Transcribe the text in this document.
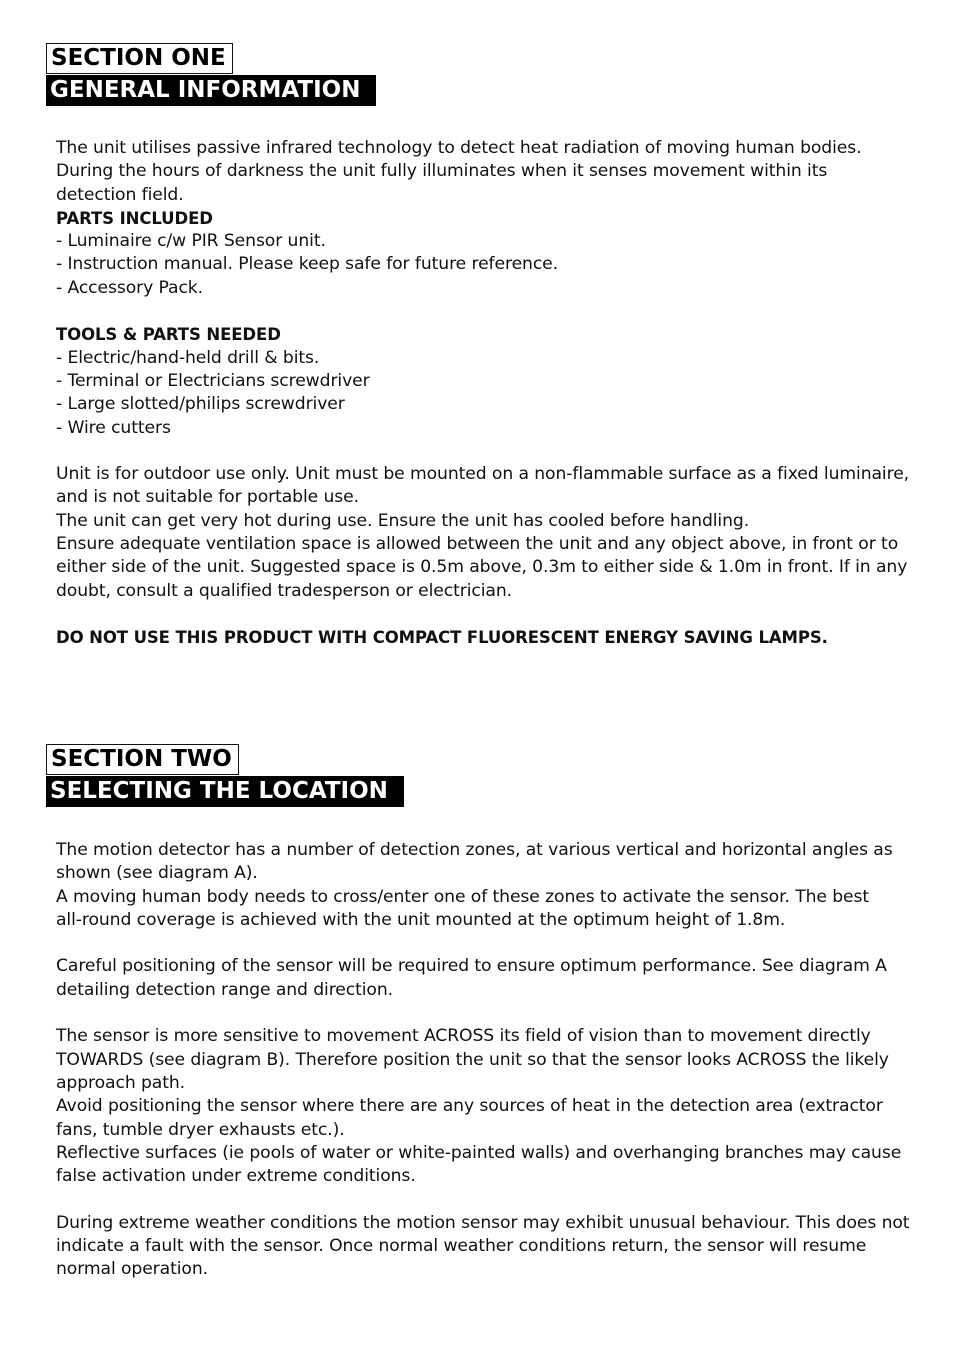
SECTION ONE
GENERAL INFORMATION

The unit utilises passive infrared technology to detect heat radiation of moving human bodies.

During the hours of darkness the unit fully illuminates when it senses movement within its detection field.

PARTS INCLUDED

- Luminaire c/w PIR Sensor unit.

- Instruction manual. Please keep safe for future reference.

- Accessory Pack.

TOOLS & PARTS NEEDED

- Electric/hand-held drill & bits.

- Terminal or Electricians screwdriver

- Large slotted/philips screwdriver

- Wire cutters

Unit is for outdoor use only. Unit must be mounted on a non-flammable surface as a fixed luminaire, and is not suitable for portable use.

The unit can get very hot during use. Ensure the unit has cooled before handling.

Ensure adequate ventilation space is allowed between the unit and any object above, in front or to either side of the unit. Suggested space is 0.5m above, 0.3m to either side & 1.0m in front. If in any doubt, consult a qualified tradesperson or electrician.

DO NOT USE THIS PRODUCT WITH COMPACT FLUORESCENT ENERGY SAVING LAMPS.

SECTION TWO
SELECTING THE LOCATION

The motion detector has a number of detection zones, at various vertical and horizontal angles as shown (see diagram A).

A moving human body needs to cross/enter one of these zones to activate the sensor. The best

all-round coverage is achieved with the unit mounted at the optimum height of 1.8m.

Careful positioning of the sensor will be required to ensure optimum performance. See diagram A detailing detection range and direction.

The sensor is more sensitive to movement ACROSS its field of vision than to movement directly TOWARDS (see diagram B). Therefore position the unit so that the sensor looks ACROSS the likely approach path.

Avoid positioning the sensor where there are any sources of heat in the detection area (extractor fans, tumble dryer exhausts etc.).

Reflective surfaces (ie pools of water or white-painted walls) and overhanging branches may cause false activation under extreme conditions.

During extreme weather conditions the motion sensor may exhibit unusual behaviour. This does not indicate a fault with the sensor. Once normal weather conditions return, the sensor will resume normal operation.
